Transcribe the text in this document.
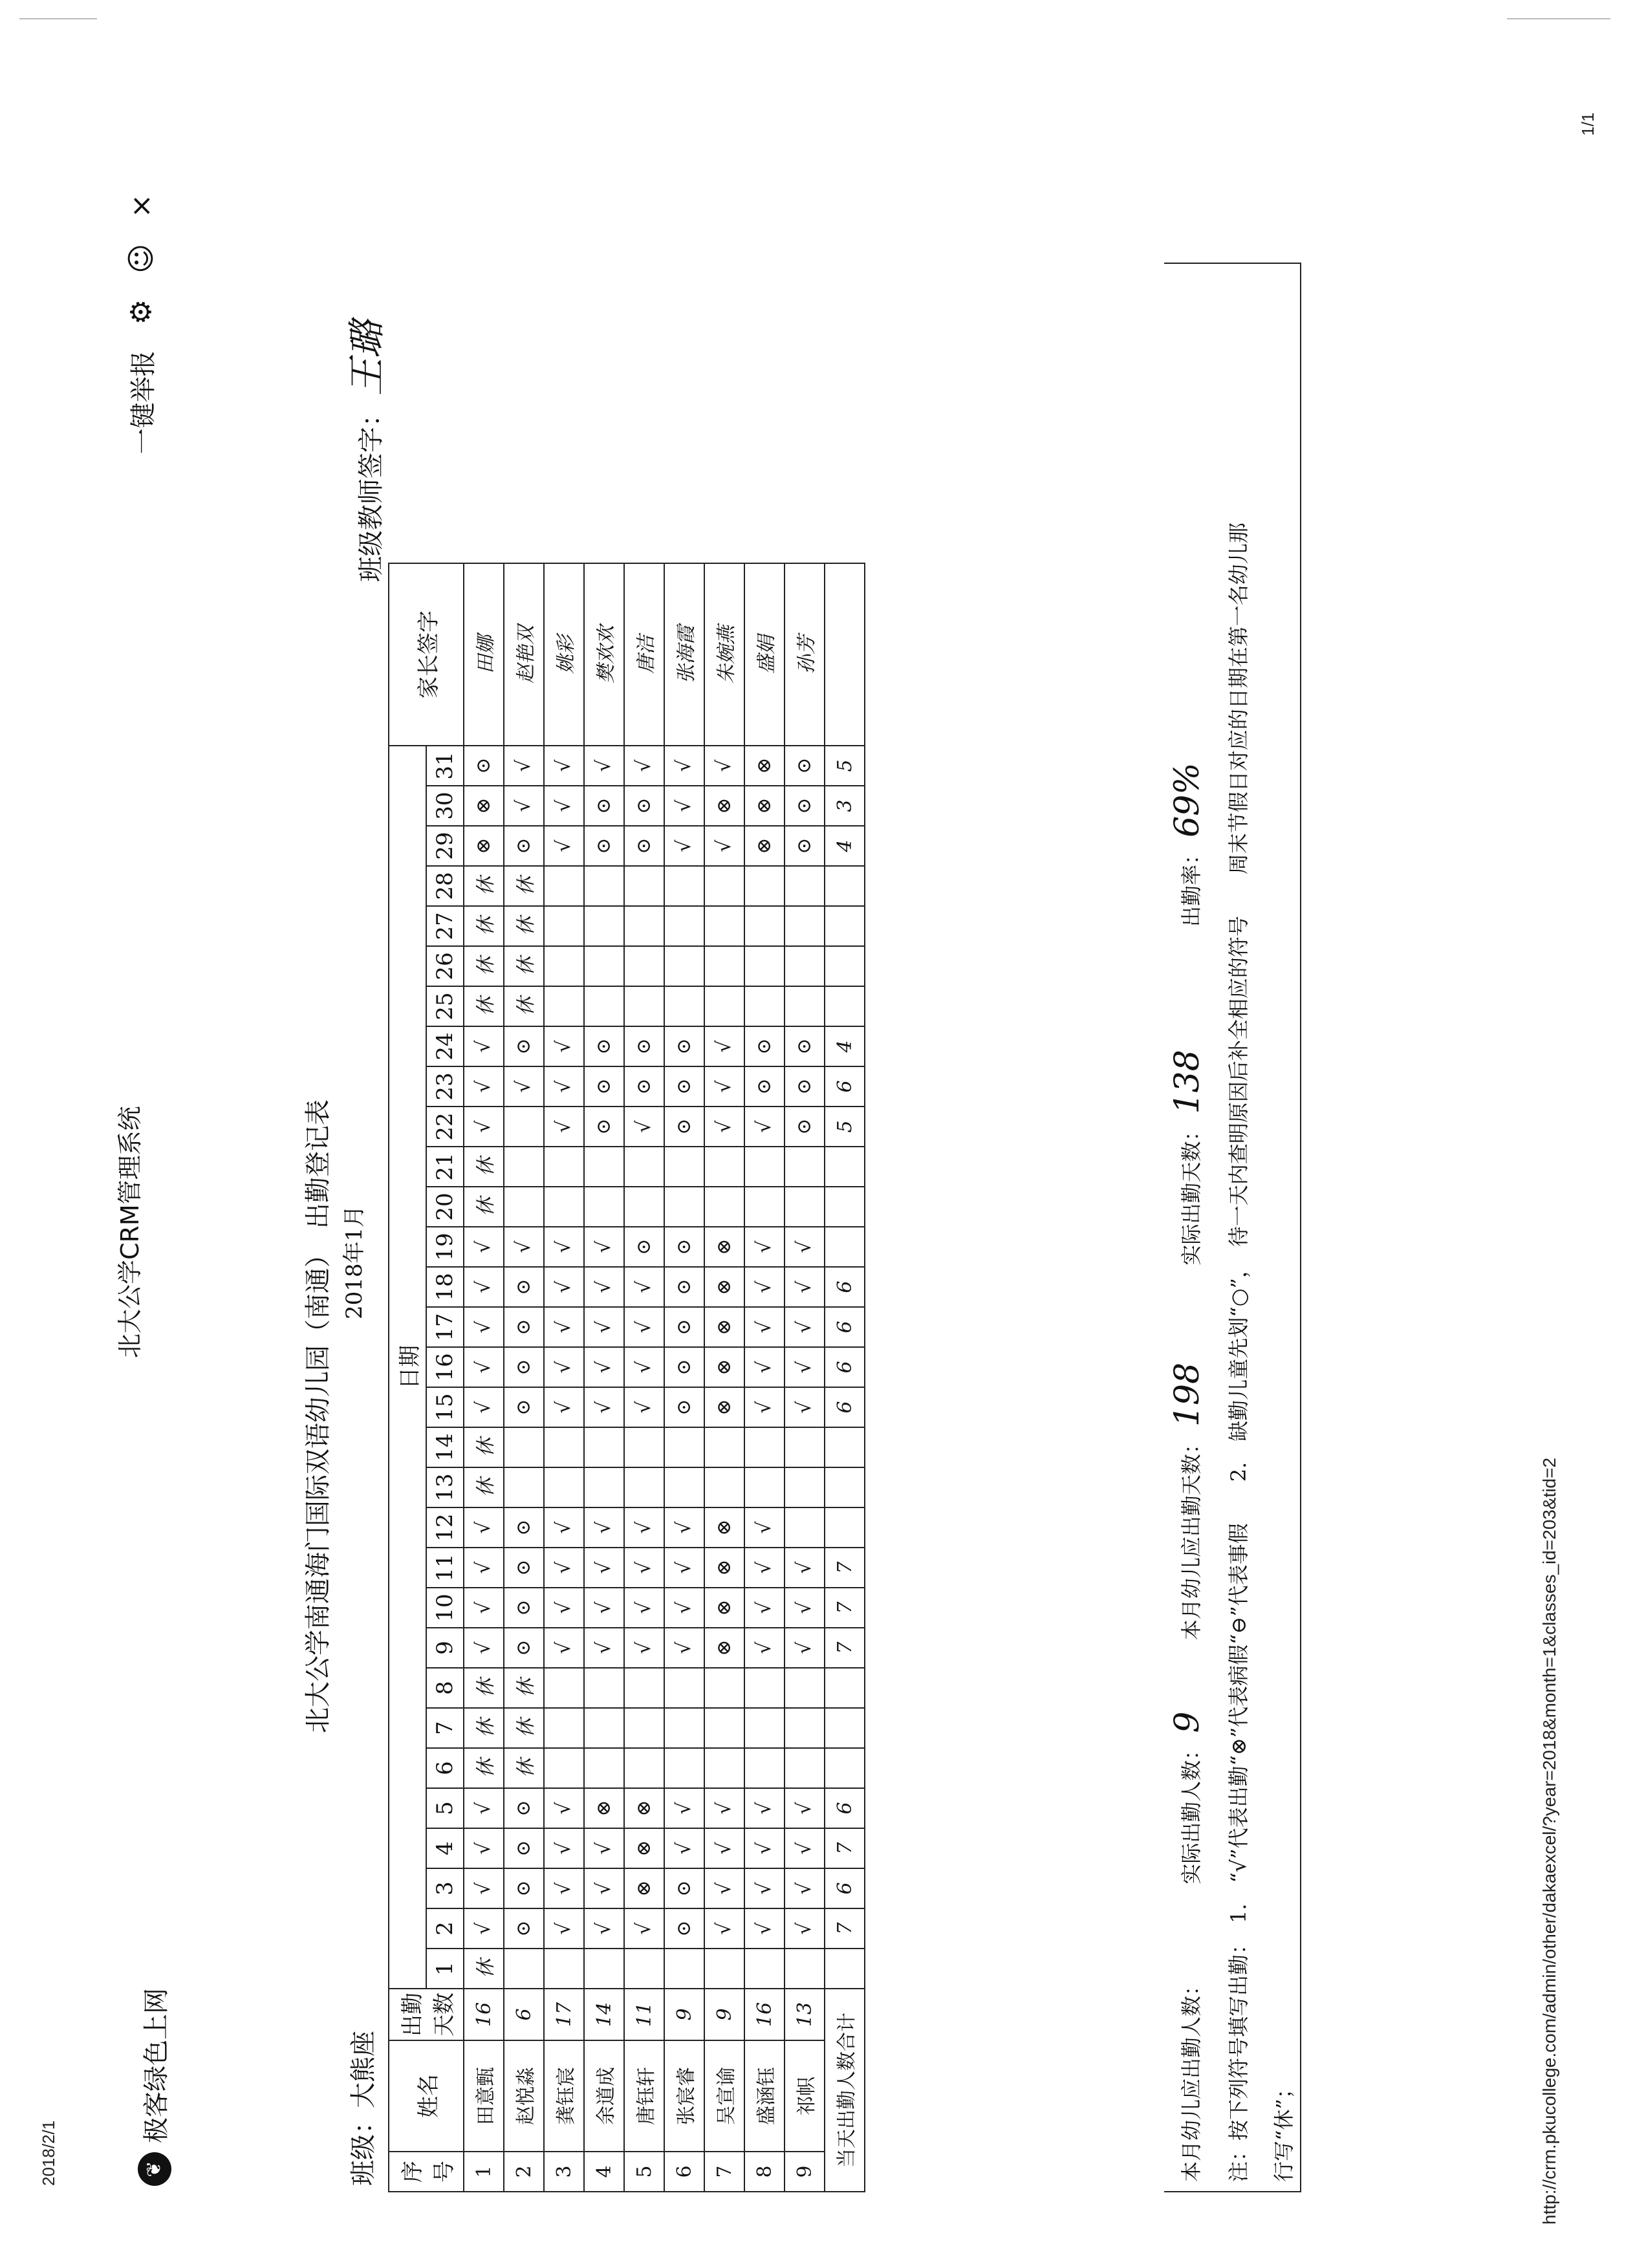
2018/2/1	http://crm.pkucollege.com/admin/other/dakaexcel/?year=2018&month=1&classes_id=203&tid=2
1/1
❦
极客绿色上网
北大公学CRM管理系统
一键举报
⚙
☺
×
北大公学南通海门国际双语幼儿园（南通）　出勤登记表 2018年1月
班级：大熊座
班级教师签字：王璐
序号	姓名	出勤天数	日期																															家长签字
			1	2	3	4	5	6	7	8	9	10	11	12	13	14	15	16	17	18	19	20	21	22	23	24	25	26	27	28	29	30	31	
1	田意甄	16	休	√	√	√	√	休	休	休	√	√	√	√	休	休	√	√	√	√	√	休	休	√	√	√	休	休	休	休	⊗	⊗	⊙	田娜
2	赵悦淼	6		⊙	⊙	⊙	⊙	休	休	休	⊙	⊙	⊙	⊙			⊙	⊙	⊙	⊙	√				√	⊙	休	休	休	休	⊙	√	√	赵艳双
3	龚钰宸	17		√	√	√	√				√	√	√	√			√	√	√	√	√			√	√	√					√	√	√	姚彩
4	余道成	14		√	√	√	⊗				√	√	√	√			√	√	√	√	√			⊙	⊙	⊙					⊙	⊙	√	樊欢欢
5	唐钰轩	11		√	⊗	⊗	⊗				√	√	√	√			√	√	√	√	⊙			√	⊙	⊙					⊙	⊙	√	唐洁
6	张宸睿	9		⊙	⊙	√	√				√	√	√	√			⊙	⊙	⊙	⊙	⊙			⊙	⊙	⊙					√	√	√	张海霞
7	吴宣谕	9		√	√	√	√				⊗	⊗	⊗	⊗			⊗	⊗	⊗	⊗	⊗			√	√	√					√	⊗	√	朱婉燕
8	盛涵钰	16		√	√	√	√				√	√	√	√			√	√	√	√	√			√	⊙	⊙					⊗	⊗	⊗	盛娟
9	祁帜	13		√	√	√	√				√	√	√				√	√	√	√	√			⊙	⊙	⊙					⊙	⊙	⊙	孙芳
当天出勤人数合计				7	6	7	6				7	7	7				6	6	6	6				5	6	4					4	3	5	
本月幼儿应出勤人数：  实际出勤人数：9  本月幼儿应出勤天数：198  实际出勤天数：138  出勤率：69% 注：按下列符号填写出勤：　1.　“√”代表出勤“⊗”代表病假“⊖”代表事假　　2.　缺勤儿童先划“○”，　待一天内查明原因后补全相应的符号　　周末节假日对应的日期在第一名幼儿那 行写“休”；
